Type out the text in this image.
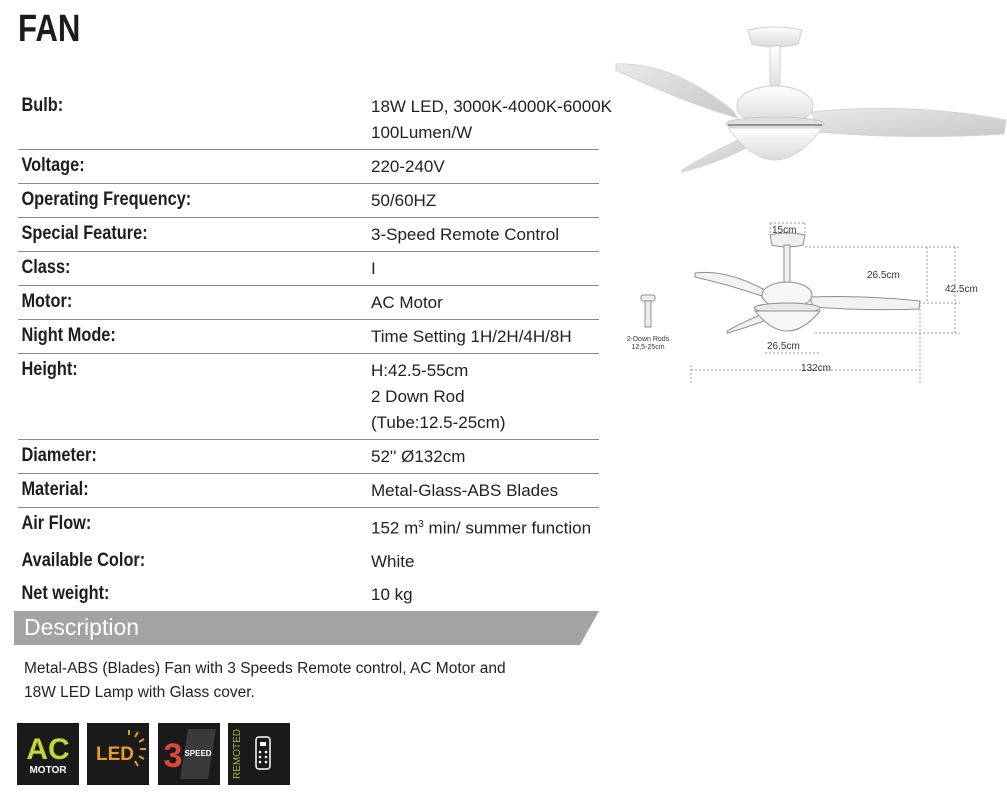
FAN
Bulb:	18W LED, 3000K-4000K-6000K
100Lumen/W
Voltage:	220-240V
Operating Frequency:	50/60HZ
Special Feature:	3-Speed Remote Control
Class:	I
Motor:	AC Motor
Night Mode:	Time Setting 1H/2H/4H/8H
Height:	H:42.5-55cm
2 Down Rod
(Tube:12.5-25cm)
Diameter:	52'' Ø132cm
Material:	Metal-Glass-ABS Blades
Air Flow:	152 $m^3$ min/ summer function
Available Color:	White
Net weight:	10 kg
Description
Metal-ABS (Blades) Fan with 3 Speeds Remote control, AC Motor and
18W LED Lamp with Glass cover.
AC
MOTOR
LED 3 SPEED REMOTED
15cm
26.5cm
42.5cm
26.5cm
132cm
2-Down Rods
12,5-25cm
